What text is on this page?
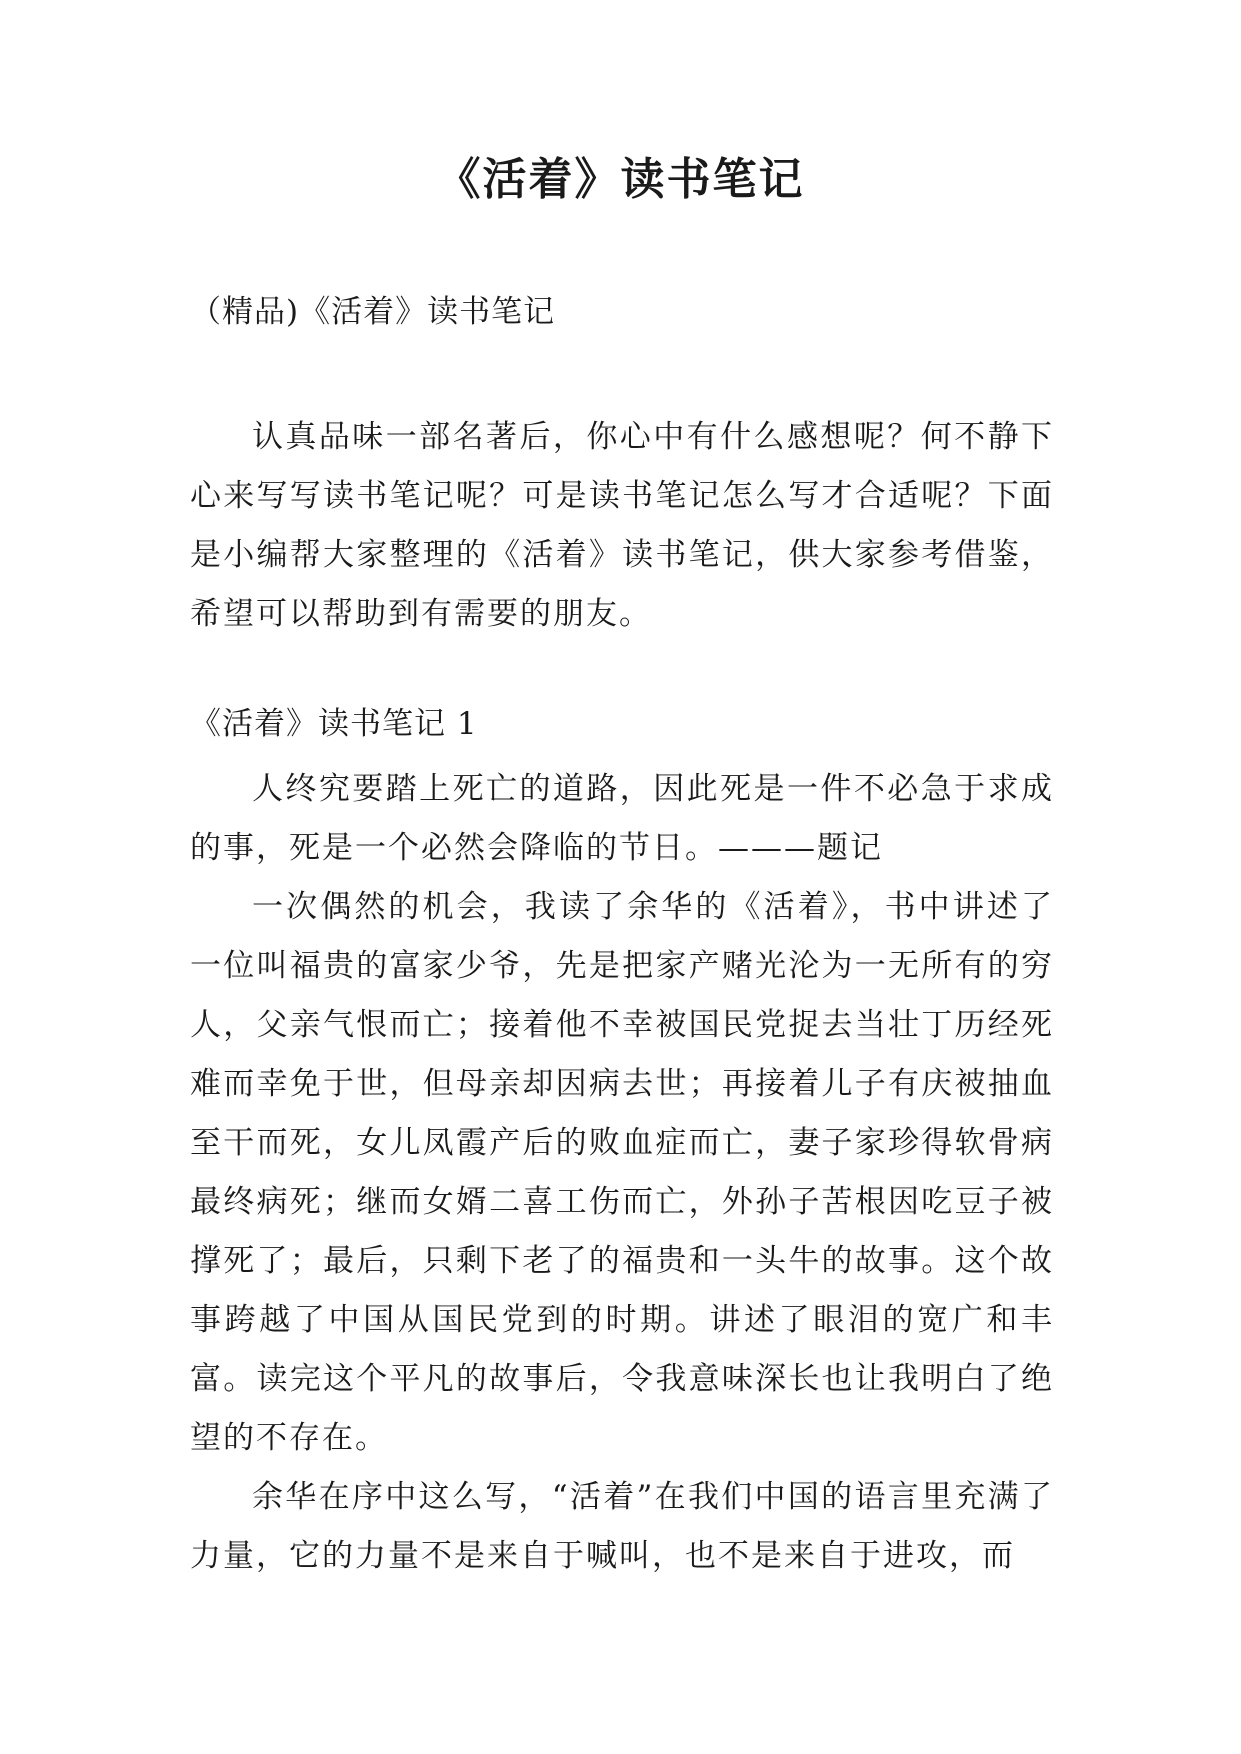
《活着》读书笔记
（精品)《活着》读书笔记

认真品味一部名著后，你心中有什么感想呢？何不静下心来写写读书笔记呢？可是读书笔记怎么写才合适呢？下面是小编帮大家整理的《活着》读书笔记，供大家参考借鉴，希望可以帮助到有需要的朋友。

《活着》读书笔记 1

人终究要踏上死亡的道路，因此死是一件不必急于求成的事，死是一个必然会降临的节日。———题记

一次偶然的机会，我读了余华的《活着》，书中讲述了一位叫福贵的富家少爷，先是把家产赌光沦为一无所有的穷人，父亲气恨而亡；接着他不幸被国民党捉去当壮丁历经死难而幸免于世，但母亲却因病去世；再接着儿子有庆被抽血至干而死，女儿凤霞产后的败血症而亡，妻子家珍得软骨病最终病死；继而女婿二喜工伤而亡，外孙子苦根因吃豆子被撑死了；最后，只剩下老了的福贵和一头牛的故事。这个故事跨越了中国从国民党到的时期。讲述了眼泪的宽广和丰富。读完这个平凡的故事后，令我意味深长也让我明白了绝望的不存在。

余华在序中这么写，“活着”在我们中国的语言里充满了力量，它的力量不是来自于喊叫，也不是来自于进攻，而
